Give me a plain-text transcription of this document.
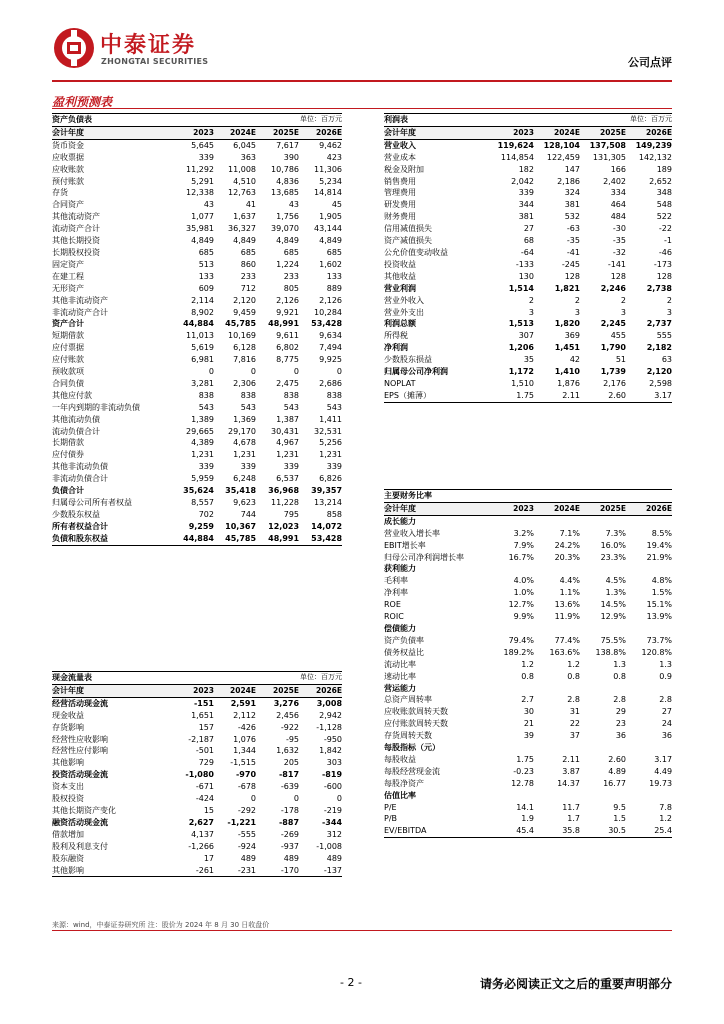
中泰证券
ZHONGTAI SECURITIES	公司点评
盈利预测表
资产负债表			单位：百万元	
会计年度	2023	2024E	2025E	2026E
货币资金	5,645	6,045	7,617	9,462
应收票据	339	363	390	423
应收账款	11,292	11,008	10,786	11,306
预付账款	5,291	4,510	4,836	5,234
存货	12,338	12,763	13,685	14,814
合同资产	43	41	43	45
其他流动资产	1,077	1,637	1,756	1,905
流动资产合计	35,981	36,327	39,070	43,144
其他长期投资	4,849	4,849	4,849	4,849
长期股权投资	685	685	685	685
固定资产	513	860	1,224	1,602
在建工程	133	233	233	133
无形资产	609	712	805	889
其他非流动资产	2,114	2,120	2,126	2,126
非流动资产合计	8,902	9,459	9,921	10,284
资产合计	44,884	45,785	48,991	53,428
短期借款	11,013	10,169	9,611	9,634
应付票据	5,619	6,128	6,802	7,494
应付账款	6,981	7,816	8,775	9,925
预收款项	0	0	0	0
合同负债	3,281	2,306	2,475	2,686
其他应付款	838	838	838	838
一年内到期的非流动负债	543	543	543	543
其他流动负债	1,389	1,369	1,387	1,411
流动负债合计	29,665	29,170	30,431	32,531
长期借款	4,389	4,678	4,967	5,256
应付债券	1,231	1,231	1,231	1,231
其他非流动负债	339	339	339	339
非流动负债合计	5,959	6,248	6,537	6,826
负债合计	35,624	35,418	36,968	39,357
归属母公司所有者权益	8,557	9,623	11,228	13,214
少数股东权益	702	744	795	858
所有者权益合计	9,259	10,367	12,023	14,072
负债和股东权益	44,884	45,785	48,991	53,428
利润表			单位：百万元	
会计年度	2023	2024E	2025E	2026E
营业收入	119,624	128,104	137,508	149,239
营业成本	114,854	122,459	131,305	142,132
税金及附加	182	147	166	189
销售费用	2,042	2,186	2,402	2,652
管理费用	339	324	334	348
研发费用	344	381	464	548
财务费用	381	532	484	522
信用减值损失	27	-63	-30	-22
资产减值损失	68	-35	-35	-1
公允价值变动收益	-64	-41	-32	-46
投资收益	-133	-245	-141	-173
其他收益	130	128	128	128
营业利润	1,514	1,821	2,246	2,738
营业外收入	2	2	2	2
营业外支出	3	3	3	3
利润总额	1,513	1,820	2,245	2,737
所得税	307	369	455	555
净利润	1,206	1,451	1,790	2,182
少数股东损益	35	42	51	63
归属母公司净利润	1,172	1,410	1,739	2,120
NOPLAT	1,510	1,876	2,176	2,598
EPS（摊薄）	1.75	2.11	2.60	3.17
主要财务比率				
会计年度	2023	2024E	2025E	2026E
成长能力				
营业收入增长率	3.2%	7.1%	7.3%	8.5%
EBIT增长率	7.9%	24.2%	16.0%	19.4%
归母公司净利润增长率	16.7%	20.3%	23.3%	21.9%
获利能力				
毛利率	4.0%	4.4%	4.5%	4.8%
净利率	1.0%	1.1%	1.3%	1.5%
ROE	12.7%	13.6%	14.5%	15.1%
ROIC	9.9%	11.9%	12.9%	13.9%
偿债能力				
资产负债率	79.4%	77.4%	75.5%	73.7%
债务权益比	189.2%	163.6%	138.8%	120.8%
流动比率	1.2	1.2	1.3	1.3
速动比率	0.8	0.8	0.8	0.9
营运能力				
总资产周转率	2.7	2.8	2.8	2.8
应收账款周转天数	30	31	29	27
应付账款周转天数	21	22	23	24
存货周转天数	39	37	36	36
每股指标（元）				
每股收益	1.75	2.11	2.60	3.17
每股经营现金流	-0.23	3.87	4.89	4.49
每股净资产	12.78	14.37	16.77	19.73
估值比率				
P/E	14.1	11.7	9.5	7.8
P/B	1.9	1.7	1.5	1.2
EV/EBITDA	45.4	35.8	30.5	25.4
现金流量表			单位：百万元	
会计年度	2023	2024E	2025E	2026E
经营活动现金流	-151	2,591	3,276	3,008
现金收益	1,651	2,112	2,456	2,942
存货影响	157	-426	-922	-1,128
经营性应收影响	-2,187	1,076	-95	-950
经营性应付影响	-501	1,344	1,632	1,842
其他影响	729	-1,515	205	303
投资活动现金流	-1,080	-970	-817	-819
资本支出	-671	-678	-639	-600
股权投资	-424	0	0	0
其他长期资产变化	15	-292	-178	-219
融资活动现金流	2,627	-1,221	-887	-344
借款增加	4,137	-555	-269	312
股利及利息支付	-1,266	-924	-937	-1,008
股东融资	17	489	489	489
其他影响	-261	-231	-170	-137
来源：wind，中泰证券研究所 注：股价为 2024 年 8 月 30 日收盘价
- 2 -	请务必阅读正文之后的重要声明部分
